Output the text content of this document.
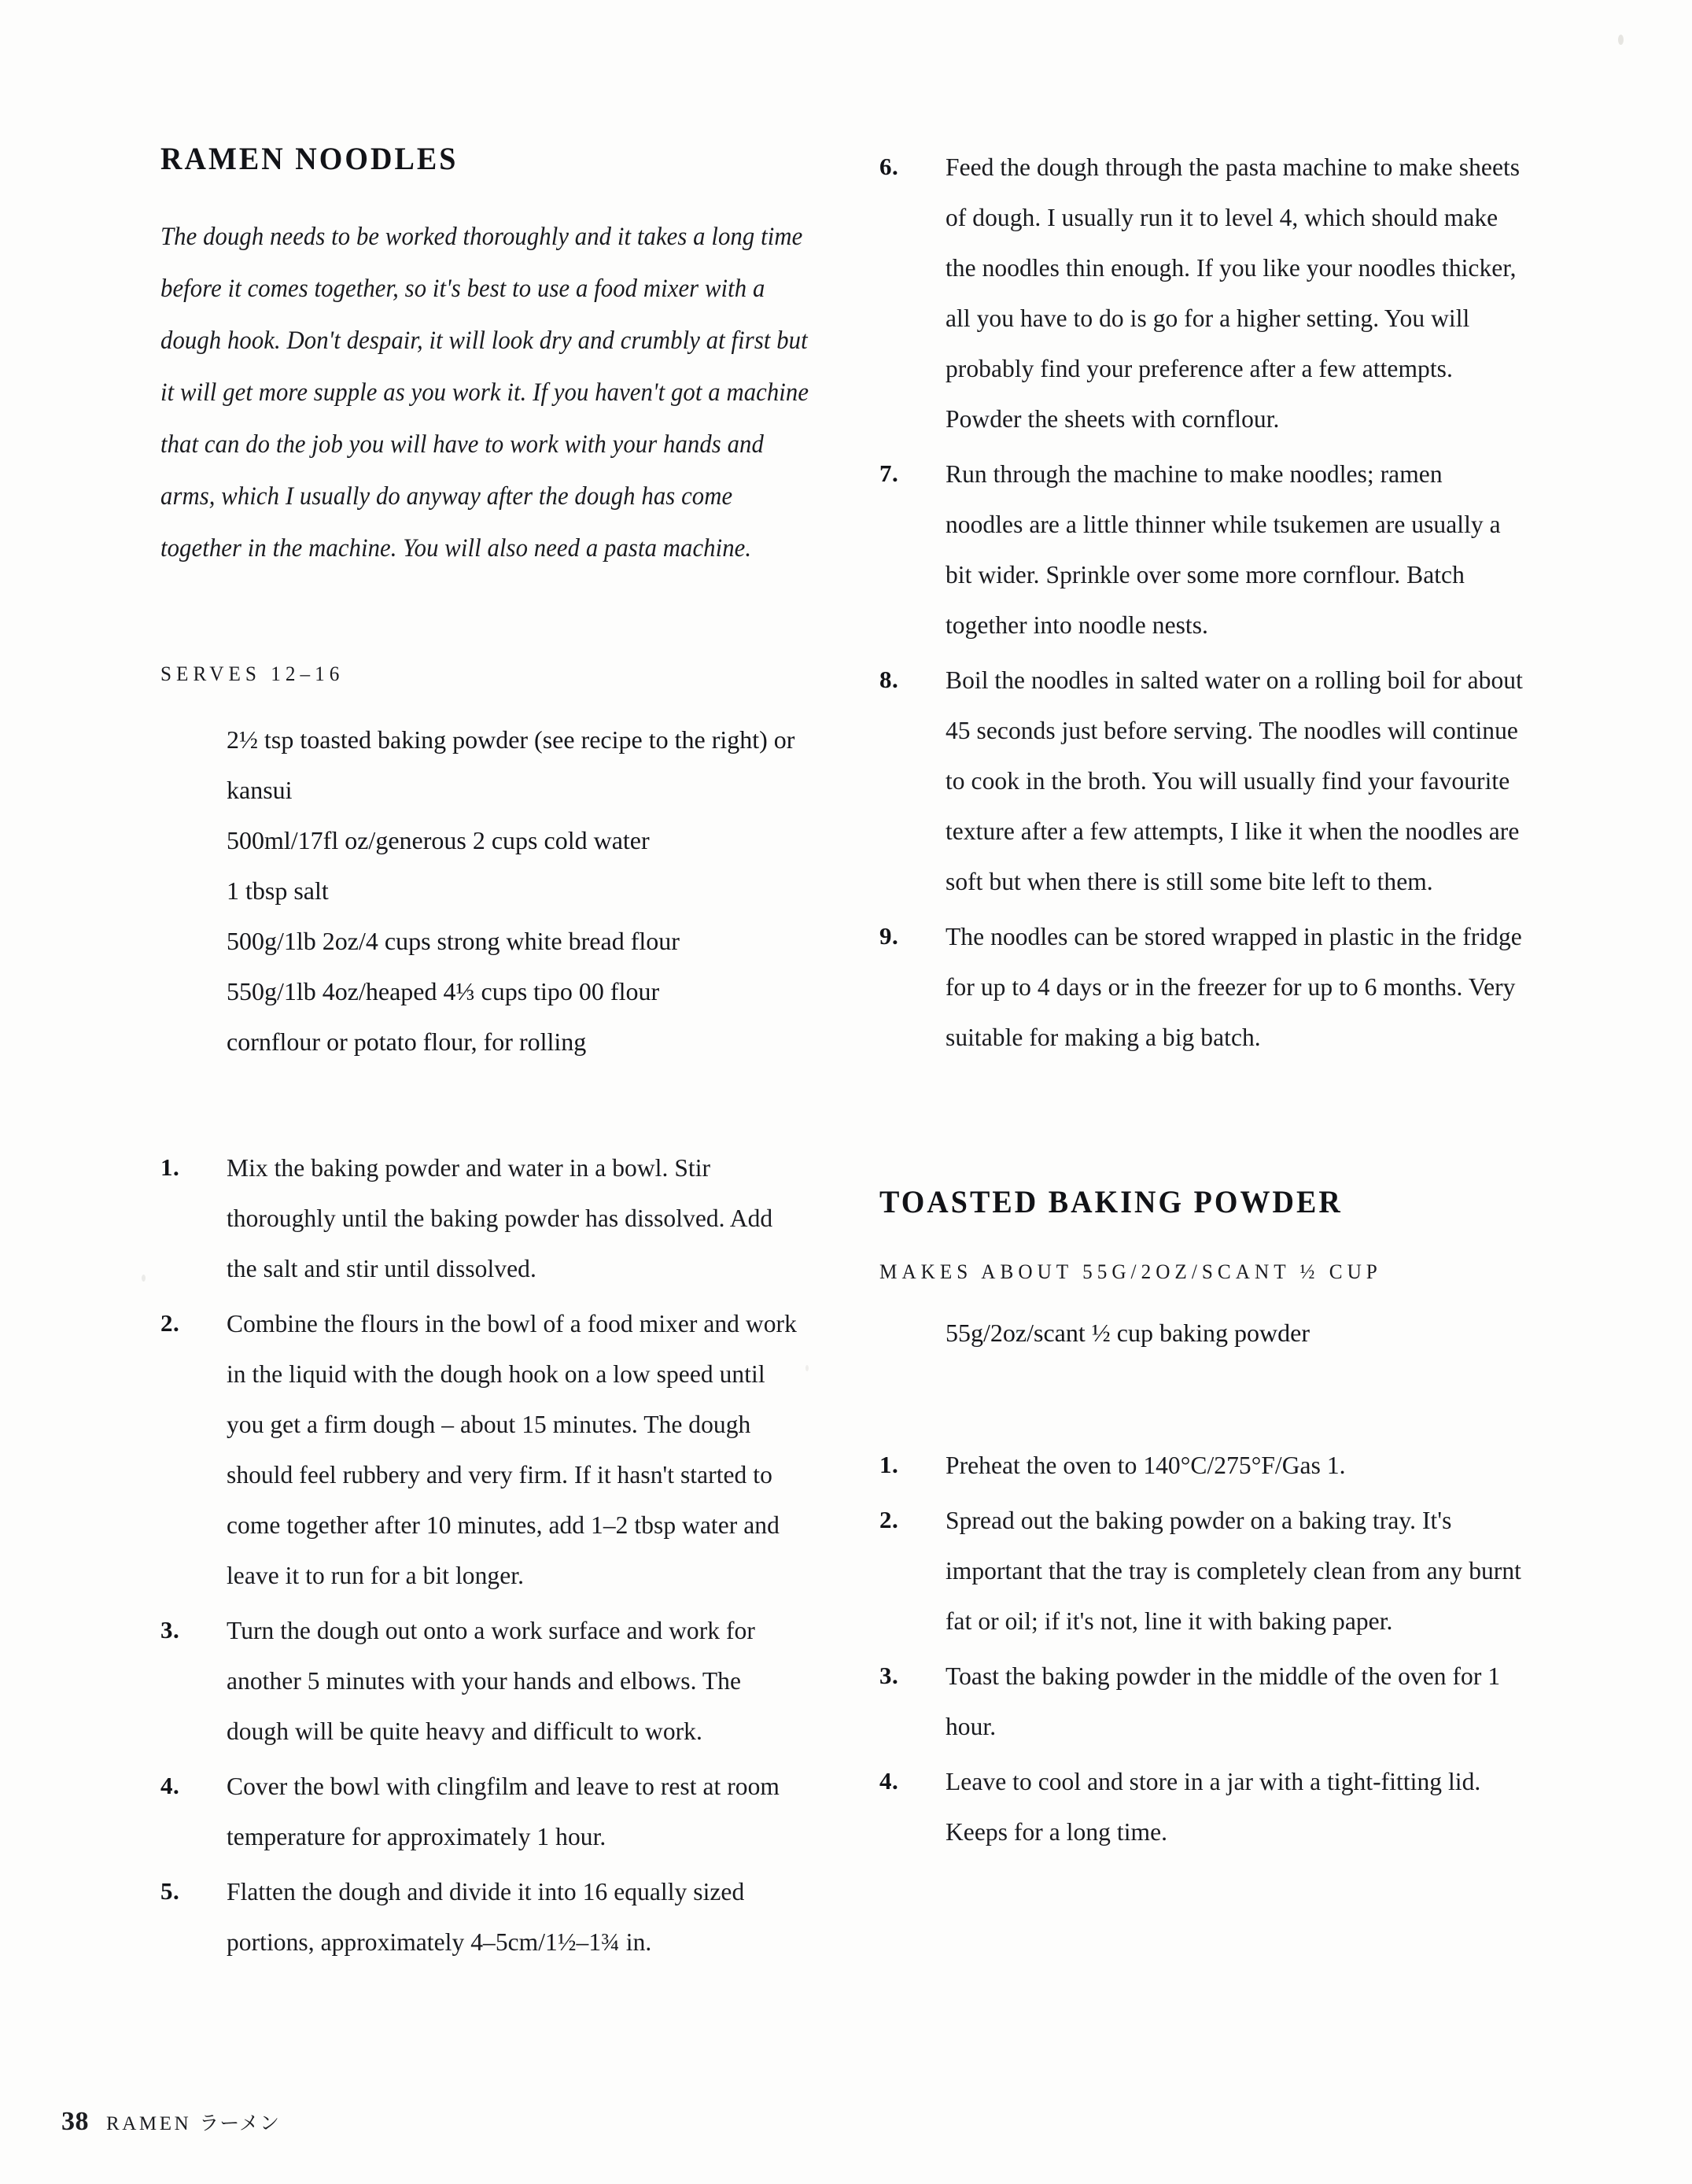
RAMEN NOODLES

The dough needs to be worked thoroughly and it takes a long time before it comes together, so it's best to use a food mixer with a dough hook. Don't despair, it will look dry and crumbly at first but it will get more supple as you work it. If you haven't got a machine that can do the job you will have to work with your hands and arms, which I usually do anyway after the dough has come together in the machine. You will also need a pasta machine.

SERVES 12–16

2½ tsp toasted baking powder (see recipe to the right) or kansui
500ml/17fl oz/generous 2 cups cold water
1 tbsp salt
500g/1lb 2oz/4 cups strong white bread flour
550g/1lb 4oz/heaped 4⅓ cups tipo 00 flour
cornflour or potato flour, for rolling
1.	Mix the baking powder and water in a bowl. Stir thoroughly until the baking powder has dissolved. Add the salt and stir until dissolved.
2.	Combine the flours in the bowl of a food mixer and work in the liquid with the dough hook on a low speed until you get a firm dough – about 15 minutes. The dough should feel rubbery and very firm. If it hasn't started to come together after 10 minutes, add 1–2 tbsp water and leave it to run for a bit longer.
3.	Turn the dough out onto a work surface and work for another 5 minutes with your hands and elbows. The dough will be quite heavy and difficult to work.
4.	Cover the bowl with clingfilm and leave to rest at room temperature for approximately 1 hour.
5.	Flatten the dough and divide it into 16 equally sized portions, approximately 4–5cm/1½–1¾ in.
6.	Feed the dough through the pasta machine to make sheets of dough. I usually run it to level 4, which should make the noodles thin enough. If you like your noodles thicker, all you have to do is go for a higher setting. You will probably find your preference after a few attempts. Powder the sheets with cornflour.
7.	Run through the machine to make noodles; ramen noodles are a little thinner while tsukemen are usually a bit wider. Sprinkle over some more cornflour. Batch together into noodle nests.
8.	Boil the noodles in salted water on a rolling boil for about 45 seconds just before serving. The noodles will continue to cook in the broth. You will usually find your favourite texture after a few attempts, I like it when the noodles are soft but when there is still some bite left to them.
9.	The noodles can be stored wrapped in plastic in the fridge for up to 4 days or in the freezer for up to 6 months. Very suitable for making a big batch.
TOASTED BAKING POWDER

MAKES ABOUT 55G/2OZ/SCANT ½ CUP

55g/2oz/scant ½ cup baking powder

1.	Preheat the oven to 140°C/275°F/Gas 1.
2.	Spread out the baking powder on a baking tray. It's important that the tray is completely clean from any burnt fat or oil; if it's not, line it with baking paper.
3.	Toast the baking powder in the middle of the oven for 1 hour.
4.	Leave to cool and store in a jar with a tight-fitting lid. Keeps for a long time.
38 RAMEN ラーメン
